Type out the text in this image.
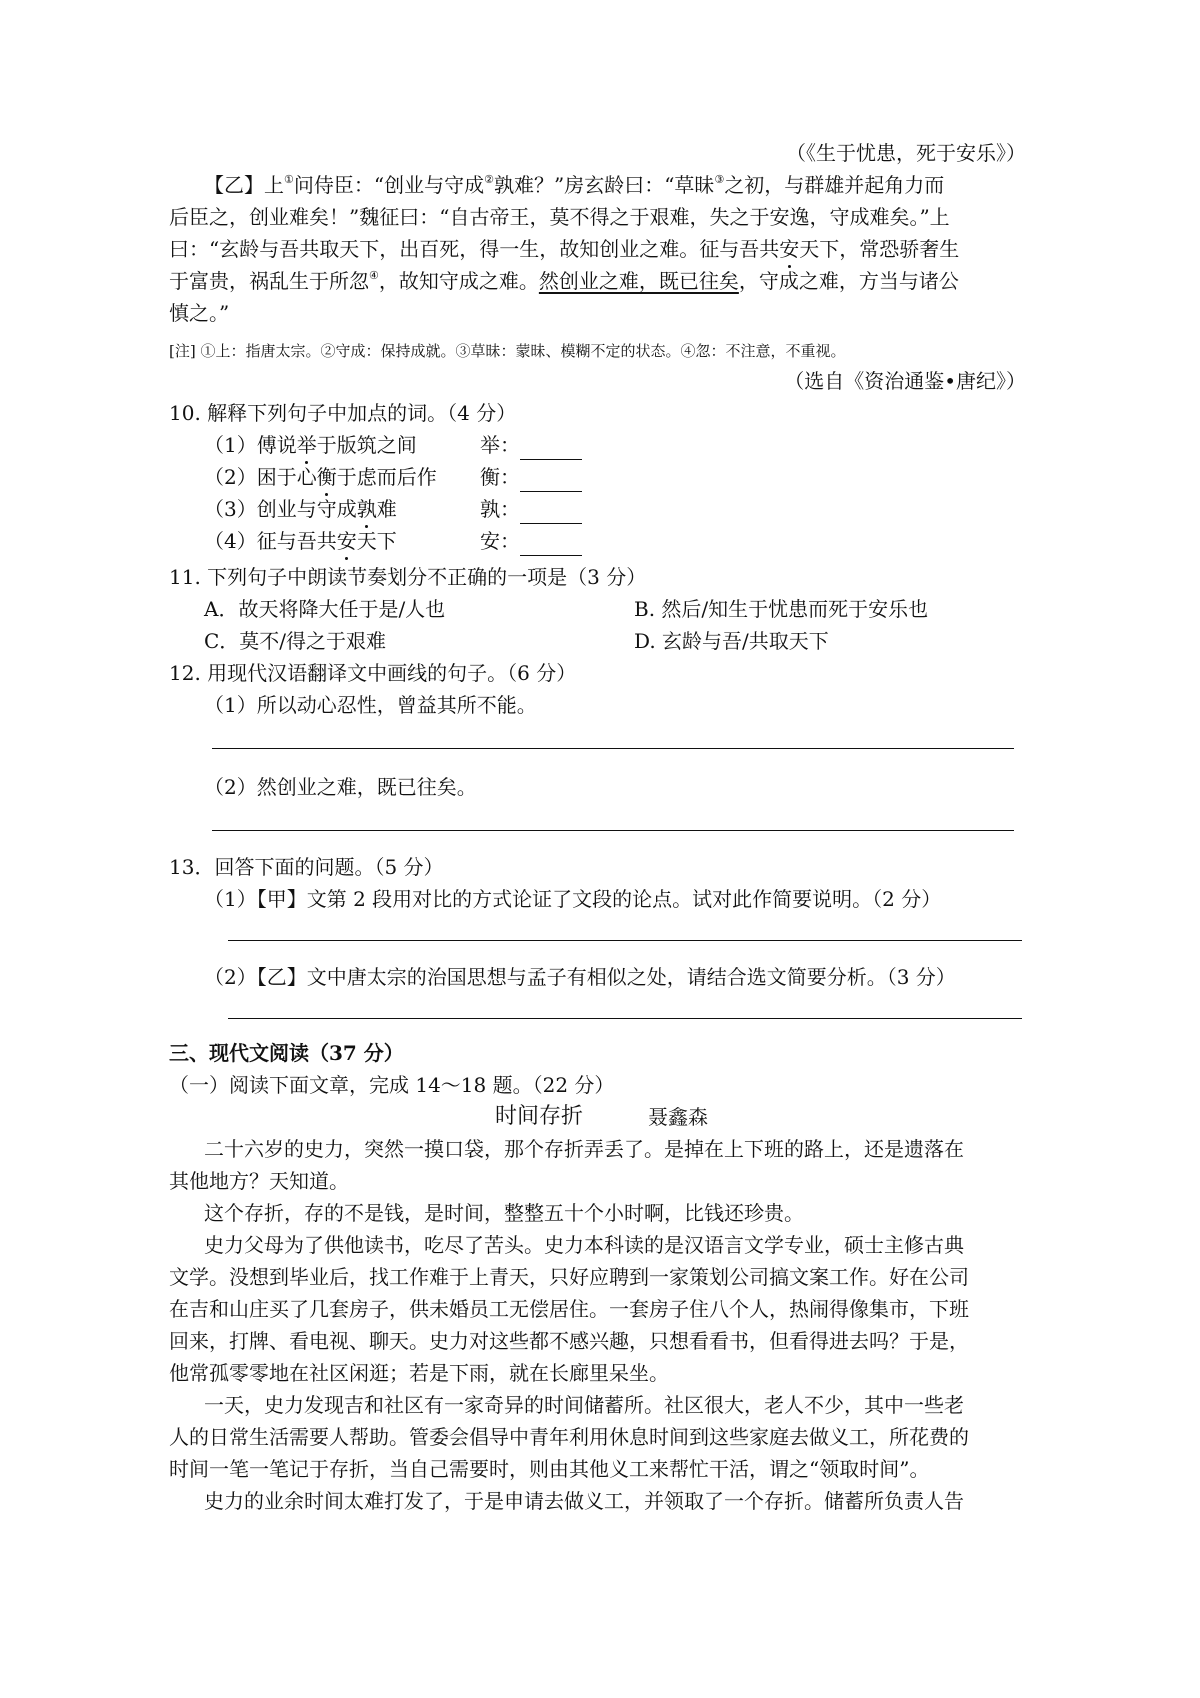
（《生于忧患，死于安乐》）
【乙】上①问侍臣：“创业与守成②孰难？”房玄龄曰：“草昧③之初，与群雄并起角力而
后臣之，创业难矣！”魏征曰：“自古帝王，莫不得之于艰难，失之于安逸，守成难矣。”上
曰：“玄龄与吾共取天下，出百死，得一生，故知创业之难。征与吾共安天下，常恐骄奢生
于富贵，祸乱生于所忽④，故知守成之难。然创业之难，既已往矣，守成之难，方当与诸公
慎之。”
[注] ①上：指唐太宗。②守成：保持成就。③草昧：蒙昧、模糊不定的状态。④忽：不注意，不重视。
（选自《资治通鉴•唐纪》）
10. 解释下列句子中加点的词。（4 分）
（1）傅说举于版筑之间	举：
（2）困于心衡于虑而后作 衡：
（3）创业与守成孰难	孰：
（4）征与吾共安天下	安：
11. 下列句子中朗读节奏划分不正确的一项是（3 分）
A．故天将降大任于是/人也	B. 然后/知生于忧患而死于安乐也
C．莫不/得之于艰难	D. 玄龄与吾/共取天下
12. 用现代汉语翻译文中画线的句子。（6 分）
（1）所以动心忍性，曾益其所不能。
（2）然创业之难，既已往矣。
13．回答下面的问题。（5 分）
（1）【甲】文第 2 段用对比的方式论证了文段的论点。试对此作简要说明。（2 分）
（2）【乙】文中唐太宗的治国思想与孟子有相似之处，请结合选文简要分析。（3 分）
三、现代文阅读（37 分）
（一）阅读下面文章，完成 14～18 题。（22 分）
时间存折	聂鑫森
二十六岁的史力，突然一摸口袋，那个存折弄丢了。是掉在上下班的路上，还是遗落在
其他地方？天知道。
这个存折，存的不是钱，是时间，整整五十个小时啊，比钱还珍贵。
史力父母为了供他读书，吃尽了苦头。史力本科读的是汉语言文学专业，硕士主修古典
文学。没想到毕业后，找工作难于上青天，只好应聘到一家策划公司搞文案工作。好在公司
在吉和山庄买了几套房子，供未婚员工无偿居住。一套房子住八个人，热闹得像集市，下班
回来，打牌、看电视、聊天。史力对这些都不感兴趣，只想看看书，但看得进去吗？于是，
他常孤零零地在社区闲逛；若是下雨，就在长廊里呆坐。
一天，史力发现吉和社区有一家奇异的时间储蓄所。社区很大，老人不少，其中一些老
人的日常生活需要人帮助。管委会倡导中青年利用休息时间到这些家庭去做义工，所花费的
时间一笔一笔记于存折，当自己需要时，则由其他义工来帮忙干活，谓之“领取时间”。
史力的业余时间太难打发了，于是申请去做义工，并领取了一个存折。储蓄所负责人告
